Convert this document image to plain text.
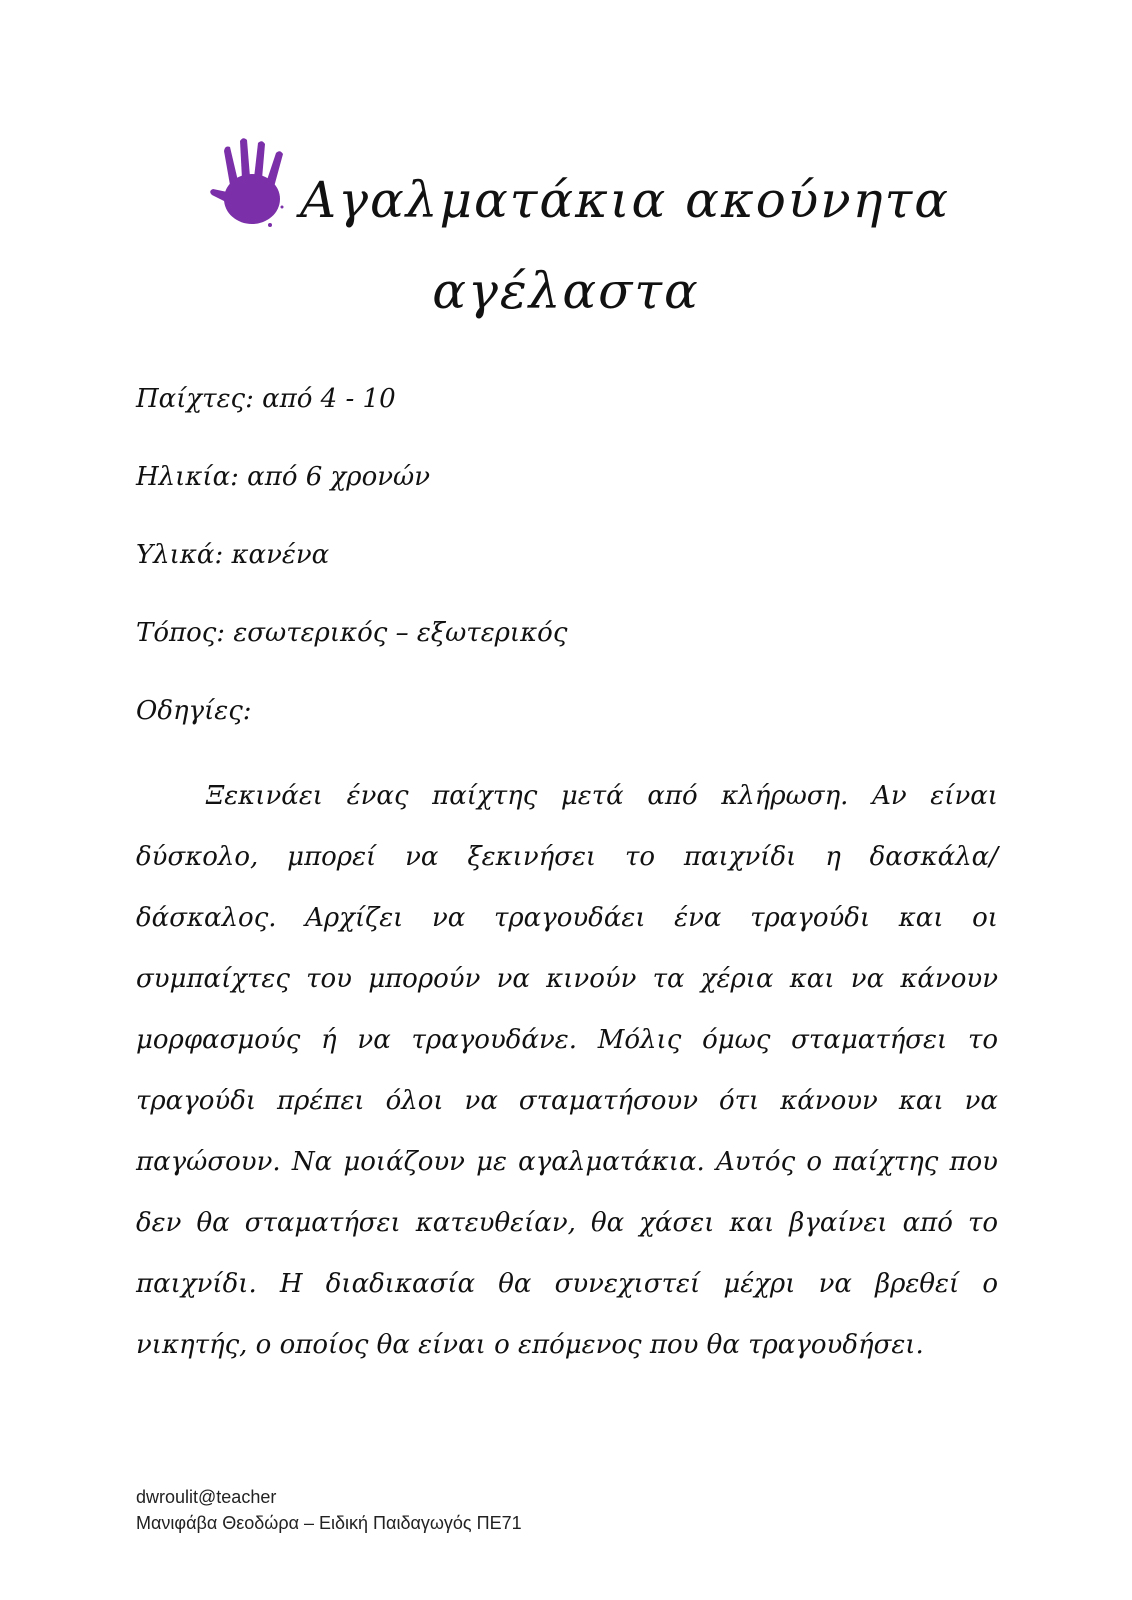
Αγαλματάκια ακούνητα
αγέλαστα
Παίχτες: από 4 - 10
Ηλικία: από 6 χρονών
Υλικά: κανένα
Τόπος: εσωτερικός – εξωτερικός
Οδηγίες:

Ξεκινάει ένας παίχτης μετά από κλήρωση. Αν είναι δύσκολο, μπορεί να ξεκινήσει το παιχνίδι η δασκάλα/ δάσκαλος. Αρχίζει να τραγουδάει ένα τραγούδι και οι συμπαίχτες του μπορούν να κινούν τα χέρια και να κάνουν μορφασμούς ή να τραγουδάνε. Μόλις όμως σταματήσει το τραγούδι πρέπει όλοι να σταματήσουν ότι κάνουν και να παγώσουν. Να μοιάζουν με αγαλματάκια. Αυτός ο παίχτης που δεν θα σταματήσει κατευθείαν, θα χάσει και βγαίνει από το παιχνίδι. Η διαδικασία θα συνεχιστεί μέχρι να βρεθεί ο νικητής, ο οποίος θα είναι ο επόμενος που θα τραγουδήσει.

dwroulit@teacher
Μανιφάβα Θεοδώρα – Ειδική Παιδαγωγός ΠΕ71
